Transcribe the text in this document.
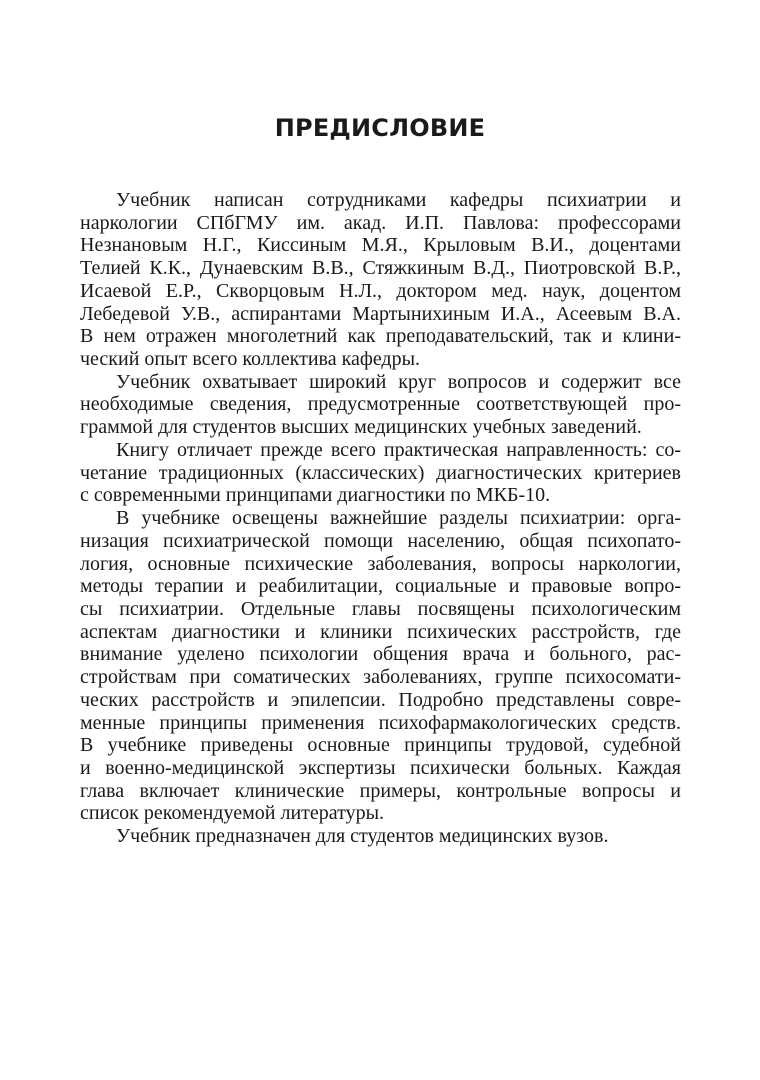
ПРЕДИСЛОВИЕ
Учебник написан сотрудниками кафедры психиатрии и
наркологии СПбГМУ им. акад. И.П. Павлова: профессорами
Незнановым Н.Г., Киссиным М.Я., Крыловым В.И., доцентами
Телией К.К., Дунаевским В.В., Стяжкиным В.Д., Пиотровской В.Р.,
Исаевой Е.Р., Скворцовым Н.Л., доктором мед. наук, доцентом
Лебедевой У.В., аспирантами Мартынихиным И.А., Асеевым В.А.
В нем отражен многолетний как преподавательский, так и клини-
ческий опыт всего коллектива кафедры.
Учебник охватывает широкий круг вопросов и содержит все
необходимые сведения, предусмотренные соответствующей про-
граммой для студентов высших медицинских учебных заведений.
Книгу отличает прежде всего практическая направленность: со-
четание традиционных (классических) диагностических критериев
с современными принципами диагностики по МКБ-10.
В учебнике освещены важнейшие разделы психиатрии: орга-
низация психиатрической помощи населению, общая психопато-
логия, основные психические заболевания, вопросы наркологии,
методы терапии и реабилитации, социальные и правовые вопро-
сы психиатрии. Отдельные главы посвящены психологическим
аспектам диагностики и клиники психических расстройств, где
внимание уделено психологии общения врача и больного, рас-
стройствам при соматических заболеваниях, группе психосомати-
ческих расстройств и эпилепсии. Подробно представлены совре-
менные принципы применения психофармакологических средств.
В учебнике приведены основные принципы трудовой, судебной
и военно-медицинской экспертизы психически больных. Каждая
глава включает клинические примеры, контрольные вопросы и
список рекомендуемой литературы.
Учебник предназначен для студентов медицинских вузов.
